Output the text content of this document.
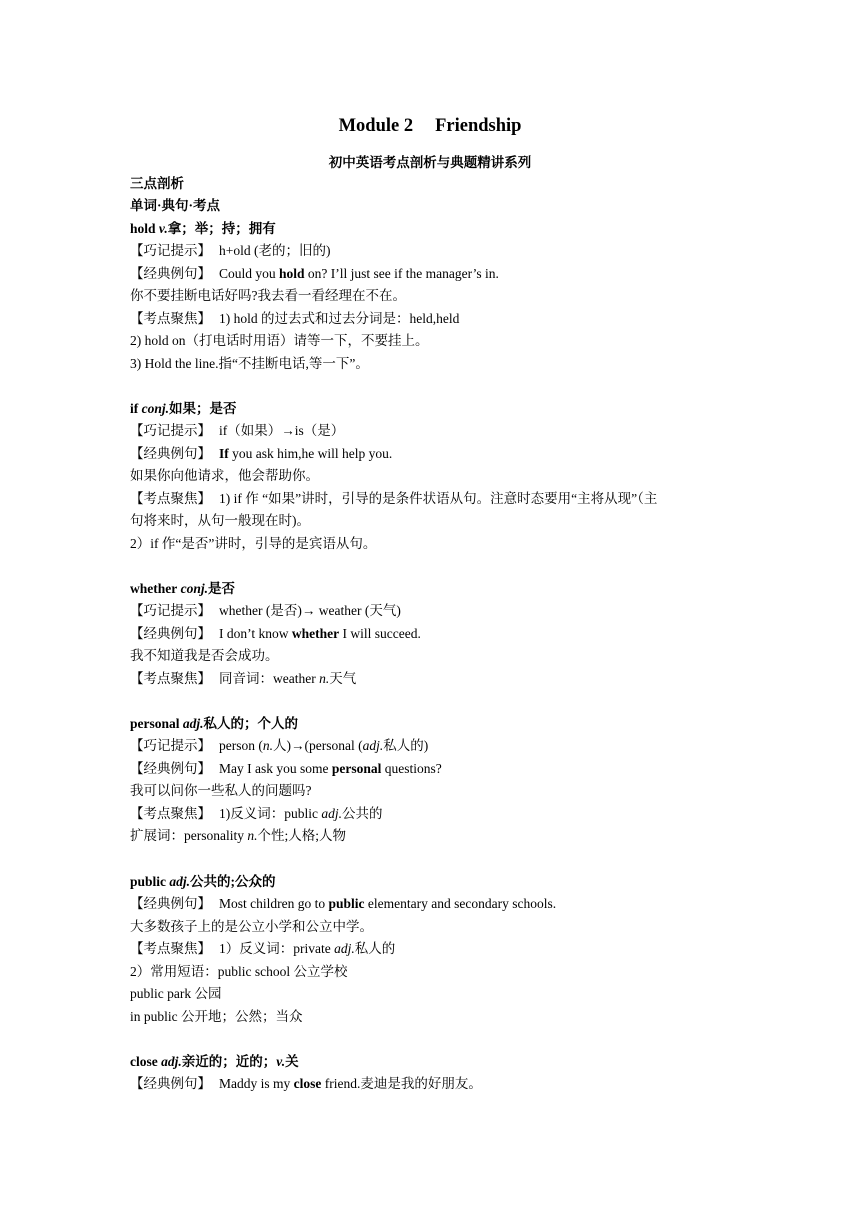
Module 2 Friendship
初中英语考点剖析与典题精讲系列
三点剖析
单词·典句·考点
hold v.拿；举；持；拥有
【巧记提示】 h+old (老的；旧的)
【经典例句】 Could you hold on? I’ll just see if the manager’s in.
你不要挂断电话好吗?我去看一看经理在不在。
【考点聚焦】 1) hold 的过去式和过去分词是：held,held
2) hold on（打电话时用语）请等一下，不要挂上。
3) Hold the line.指“不挂断电话,等一下”。
if conj.如果；是否
【巧记提示】 if（如果）→is（是）
【经典例句】 If you ask him,he will help you.
如果你向他请求，他会帮助你。
【考点聚焦】 1) if 作 “如果”讲时，引导的是条件状语从句。注意时态要用“主将从现”（主
句将来时，从句一般现在时)。
2）if 作“是否”讲时，引导的是宾语从句。
whether conj.是否
【巧记提示】 whether (是否)→ weather (天气)
【经典例句】 I don’t know whether I will succeed.
我不知道我是否会成功。
【考点聚焦】 同音词：weather n.天气
personal adj.私人的；个人的
【巧记提示】 person (n.人)→(personal (adj.私人的)
【经典例句】 May I ask you some personal questions?
我可以问你一些私人的问题吗?
【考点聚焦】 1)反义词：public adj.公共的
扩展词：personality n.个性;人格;人物
public adj.公共的;公众的
【经典例句】 Most children go to public elementary and secondary schools.
大多数孩子上的是公立小学和公立中学。
【考点聚焦】 1）反义词：private adj.私人的
2）常用短语：public school 公立学校
public park 公园
in public 公开地；公然；当众
close adj.亲近的；近的；v.关
【经典例句】 Maddy is my close friend.麦迪是我的好朋友。
